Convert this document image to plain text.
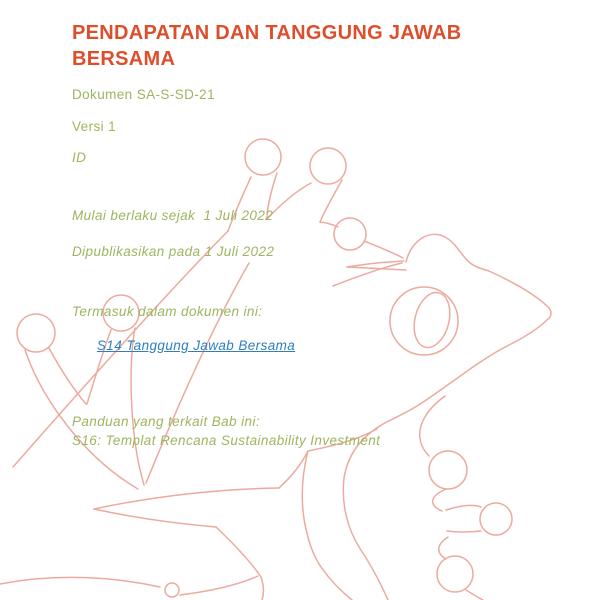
PENDAPATAN DAN TANGGUNG JAWAB BERSAMA

Dokumen SA-S-SD-21

Versi 1

ID

Mulai berlaku sejak  1 Juli 2022

Dipublikasikan pada 1 Juli 2022

Termasuk dalam dokumen ini:

S14 Tanggung Jawab Bersama

Panduan yang terkait Bab ini:

S16: Templat Rencana Sustainability Investment
